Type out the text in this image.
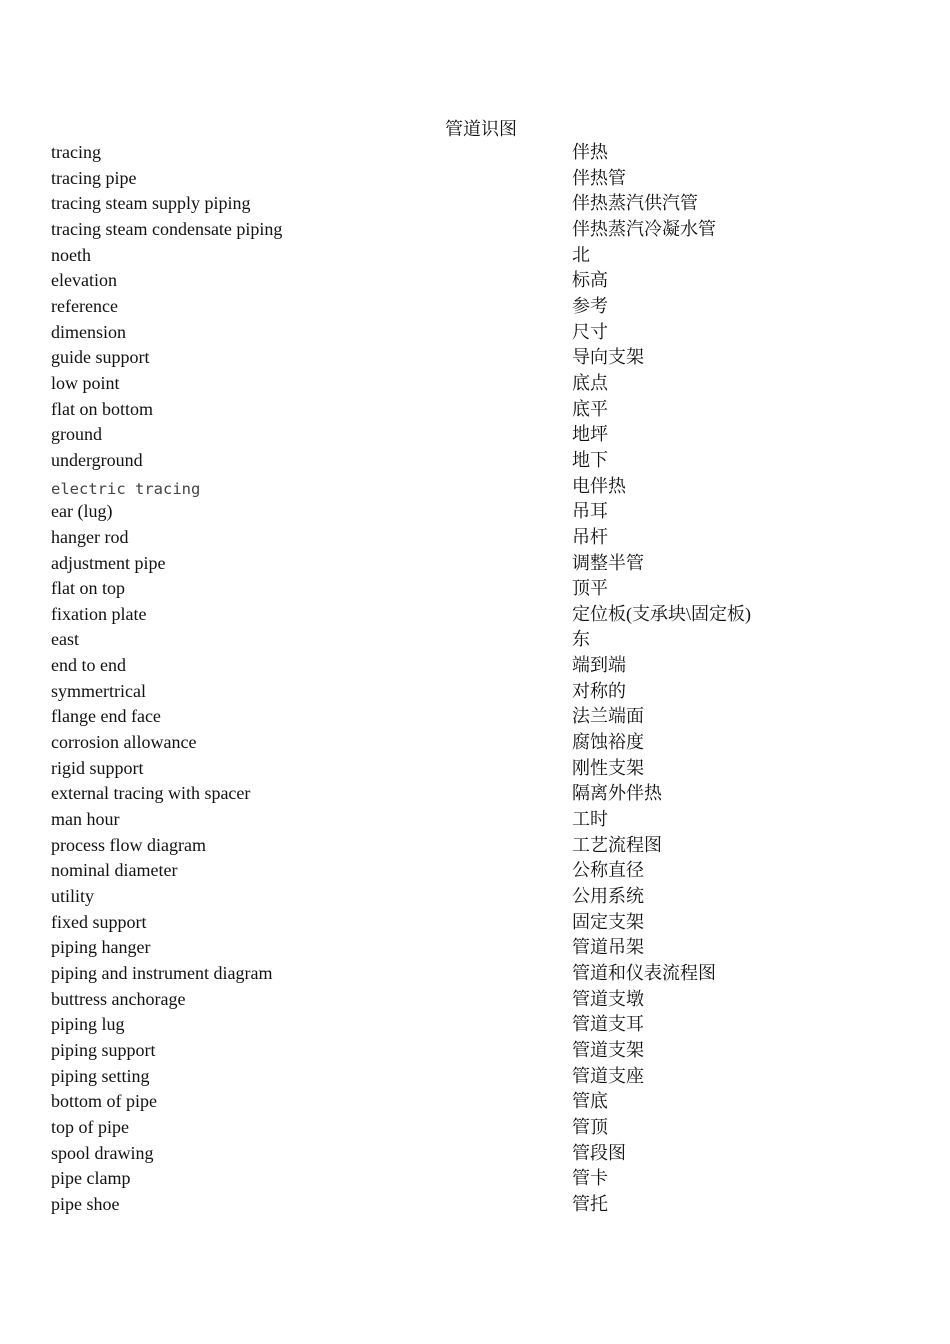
管道识图
tracing	伴热
tracing pipe	伴热管
tracing steam supply piping	伴热蒸汽供汽管
tracing steam condensate piping	伴热蒸汽冷凝水管
noeth	北
elevation	标高
reference	参考
dimension	尺寸
guide support	导向支架
low point	底点
flat on bottom	底平
ground	地坪
underground	地下
electric tracing	电伴热
ear (lug)	吊耳
hanger rod	吊杆
adjustment pipe	调整半管
flat on top	顶平
fixation plate	定位板(支承块\固定板)
east	东
end to end	端到端
symmertrical	对称的
flange end face	法兰端面
corrosion allowance	腐蚀裕度
rigid support	刚性支架
external tracing with spacer	隔离外伴热
man hour	工时
process flow diagram	工艺流程图
nominal diameter	公称直径
utility	公用系统
fixed support	固定支架
piping hanger	管道吊架
piping and instrument diagram	管道和仪表流程图
buttress anchorage	管道支墩
piping lug	管道支耳
piping support	管道支架
piping setting	管道支座
bottom of pipe	管底
top of pipe	管顶
spool drawing	管段图
pipe clamp	管卡
pipe shoe	管托
